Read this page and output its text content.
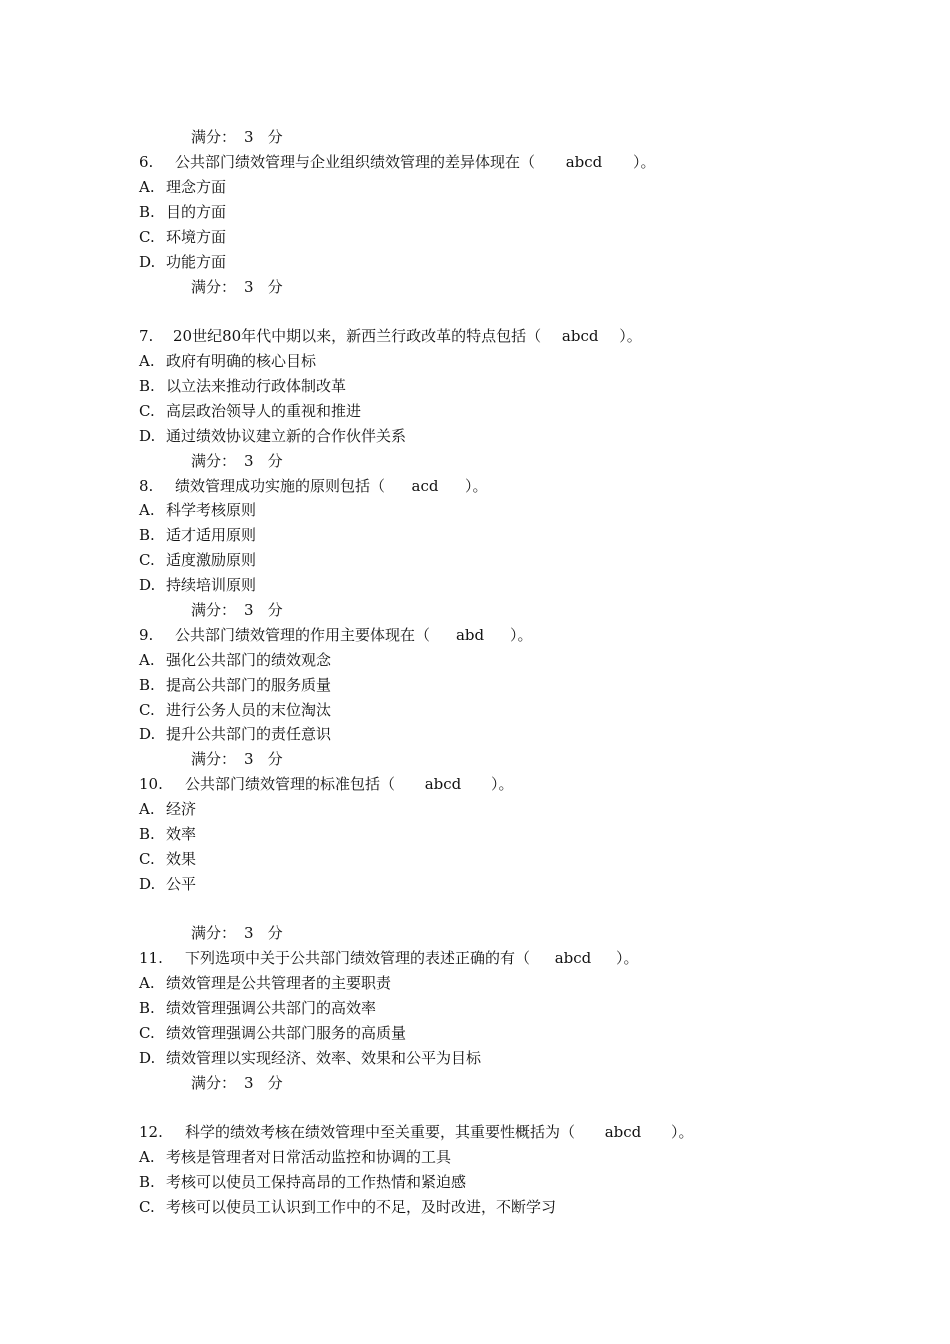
满分： 3 分
6. 公共部门绩效管理与企业组织绩效管理的差异体现在（ abcd ）。
A. 理念方面
B. 目的方面
C. 环境方面
D. 功能方面
满分： 3 分
7. 20世纪80年代中期以来，新西兰行政改革的特点包括（ abcd ）。
A. 政府有明确的核心目标
B. 以立法来推动行政体制改革
C. 高层政治领导人的重视和推进
D. 通过绩效协议建立新的合作伙伴关系
满分： 3 分
8. 绩效管理成功实施的原则包括（ acd ）。
A. 科学考核原则
B. 适才适用原则
C. 适度激励原则
D. 持续培训原则
满分： 3 分
9. 公共部门绩效管理的作用主要体现在（ abd ）。
A. 强化公共部门的绩效观念
B. 提高公共部门的服务质量
C. 进行公务人员的末位淘汰
D. 提升公共部门的责任意识
满分： 3 分
10. 公共部门绩效管理的标准包括（ abcd ）。
A. 经济
B. 效率
C. 效果
D. 公平
满分： 3 分
11. 下列选项中关于公共部门绩效管理的表述正确的有（ abcd ）。
A. 绩效管理是公共管理者的主要职责
B. 绩效管理强调公共部门的高效率
C. 绩效管理强调公共部门服务的高质量
D. 绩效管理以实现经济、效率、效果和公平为目标
满分： 3 分
12. 科学的绩效考核在绩效管理中至关重要，其重要性概括为（ abcd ）。
A. 考核是管理者对日常活动监控和协调的工具
B. 考核可以使员工保持高昂的工作热情和紧迫感
C. 考核可以使员工认识到工作中的不足，及时改进，不断学习
